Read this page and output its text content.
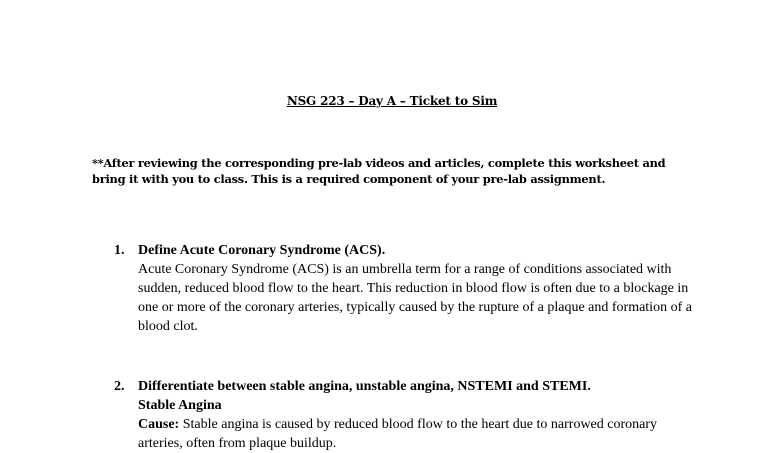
NSG 223 – Day A – Ticket to Sim
**After reviewing the corresponding pre-lab videos and articles, complete this worksheet and bring it with you to class. This is a required component of your pre-lab assignment.
1. Define Acute Coronary Syndrome (ACS).
Acute Coronary Syndrome (ACS) is an umbrella term for a range of conditions associated with sudden, reduced blood flow to the heart. This reduction in blood flow is often due to a blockage in one or more of the coronary arteries, typically caused by the rupture of a plaque and formation of a blood clot.
2. Differentiate between stable angina, unstable angina, NSTEMI and STEMI.
Stable Angina
Cause: Stable angina is caused by reduced blood flow to the heart due to narrowed coronary arteries, often from plaque buildup.
